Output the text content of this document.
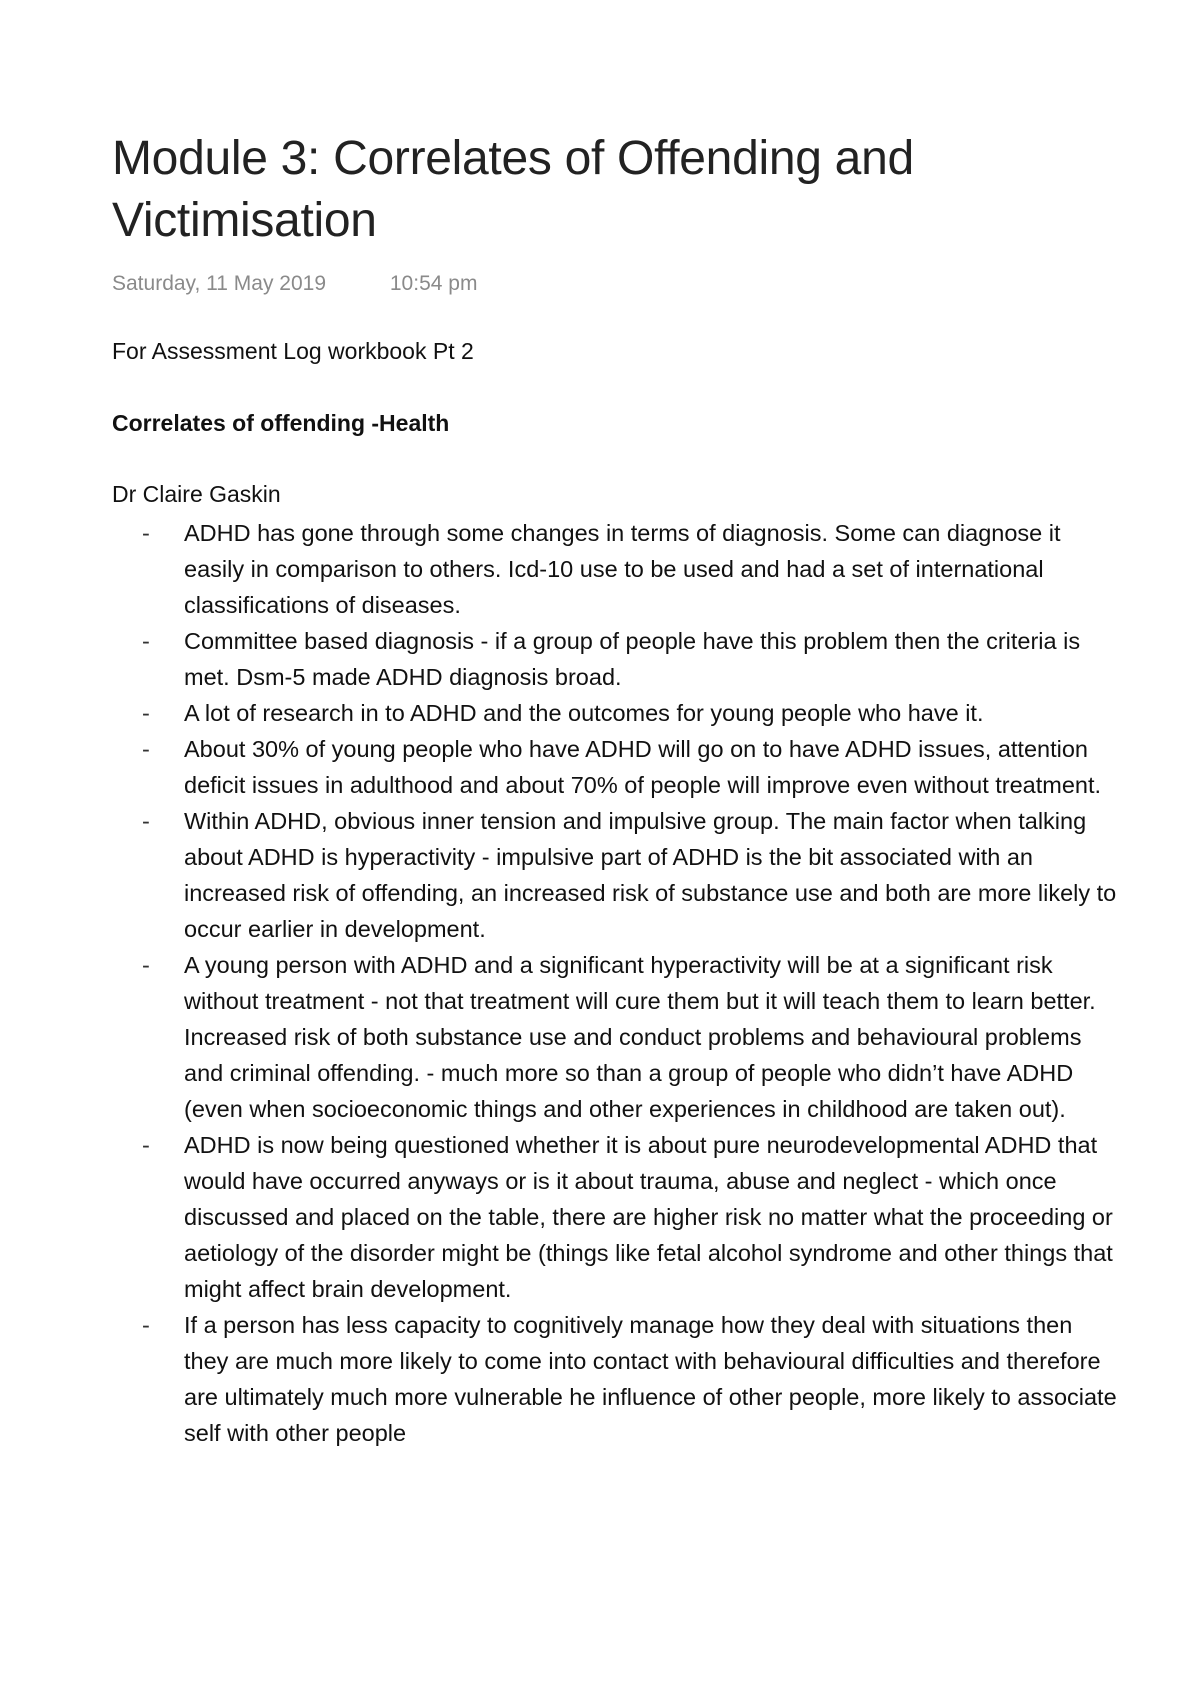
Module 3: Correlates of Offending and Victimisation
Saturday, 11 May 2019	10:54 pm
For Assessment Log workbook Pt 2
Correlates of offending -Health
Dr Claire Gaskin
-	ADHD has gone through some changes in terms of diagnosis. Some can diagnose it easily in comparison to others. Icd-10 use to be used and had a set of international classifications of diseases.
-	Committee based diagnosis - if a group of people have this problem then the criteria is met. Dsm-5 made ADHD diagnosis broad.
-	A lot of research in to ADHD and the outcomes for young people who have it.
-	About 30% of young people who have ADHD will go on to have ADHD issues, attention deficit issues in adulthood and about 70% of people will improve even without treatment.
-	Within ADHD, obvious inner tension and impulsive group. The main factor when talking about ADHD is hyperactivity - impulsive part of ADHD is the bit associated with an increased risk of offending, an increased risk of substance use and both are more likely to occur earlier in development.
-	A young person with ADHD and a significant hyperactivity will be at a significant risk without treatment - not that treatment will cure them but it will teach them to learn better. Increased risk of both substance use and conduct problems and behavioural problems and criminal offending. - much more so than a group of people who didn’t have ADHD (even when socioeconomic things and other experiences in childhood are taken out).
-	ADHD is now being questioned whether it is about pure neurodevelopmental ADHD that would have occurred anyways or is it about trauma, abuse and neglect - which once discussed and placed on the table, there are higher risk no matter what the proceeding or aetiology of the disorder might be (things like fetal alcohol syndrome and other things that might affect brain development.
-	If a person has less capacity to cognitively manage how they deal with situations then they are much more likely to come into contact with behavioural difficulties and therefore are ultimately much more vulnerable he influence of other people, more likely to associate self with other people
